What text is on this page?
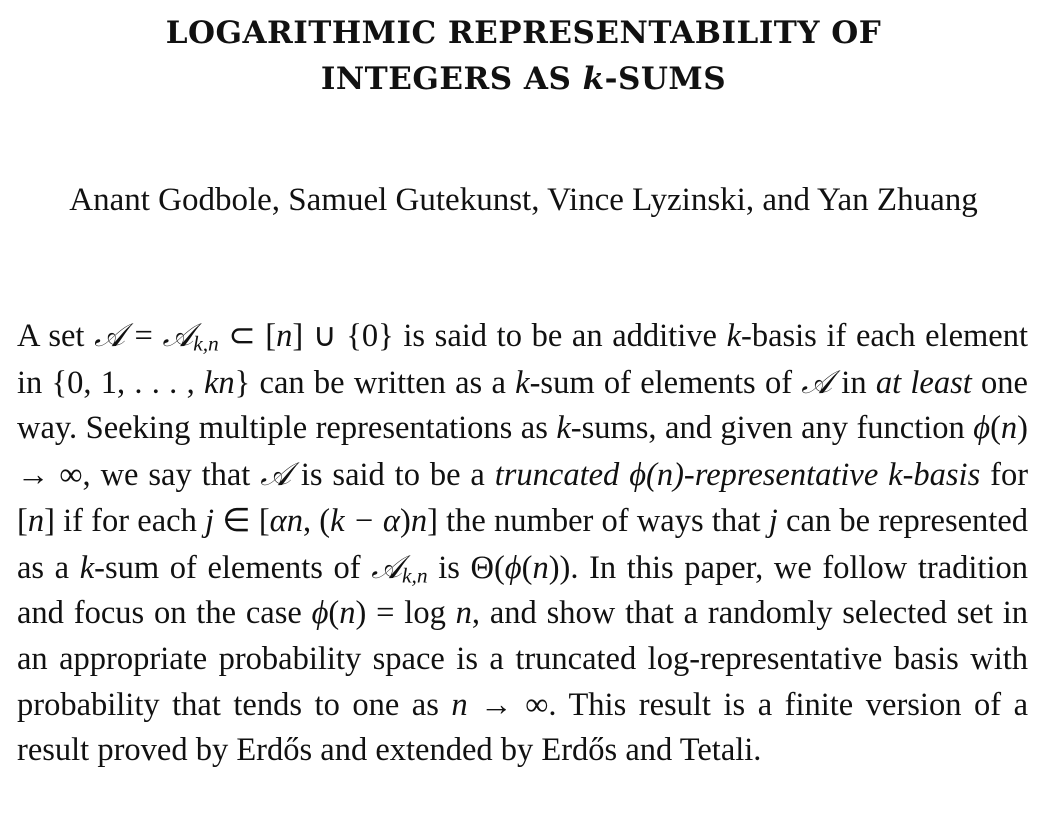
LOGARITHMIC REPRESENTABILITY OF
INTEGERS AS k-SUMS
Anant Godbole, Samuel Gutekunst, Vince Lyzinski, and Yan Zhuang
A set 𝒜 = 𝒜$_{k,n}$ ⊂ [n] ∪ {0} is said to be an additive k-basis if each element in {0, 1, . . . , kn} can be written as a k-sum of elements of 𝒜 in at least one way. Seeking multiple representations as k-sums, and given any function ϕ(n) → ∞, we say that 𝒜 is said to be a truncated ϕ(n)-representative k-basis for [n] if for each j ∈ [αn, (k − α)n] the number of ways that j can be represented as a k-sum of elements of 𝒜$_{k,n}$ is Θ(ϕ(n)). In this paper, we follow tradition and focus on the case ϕ(n) = log n, and show that a randomly selected set in an appropriate probability space is a truncated log-representative basis with probability that tends to one as n → ∞. This result is a finite version of a result proved by Erdős and extended by Erdős and Tetali.
